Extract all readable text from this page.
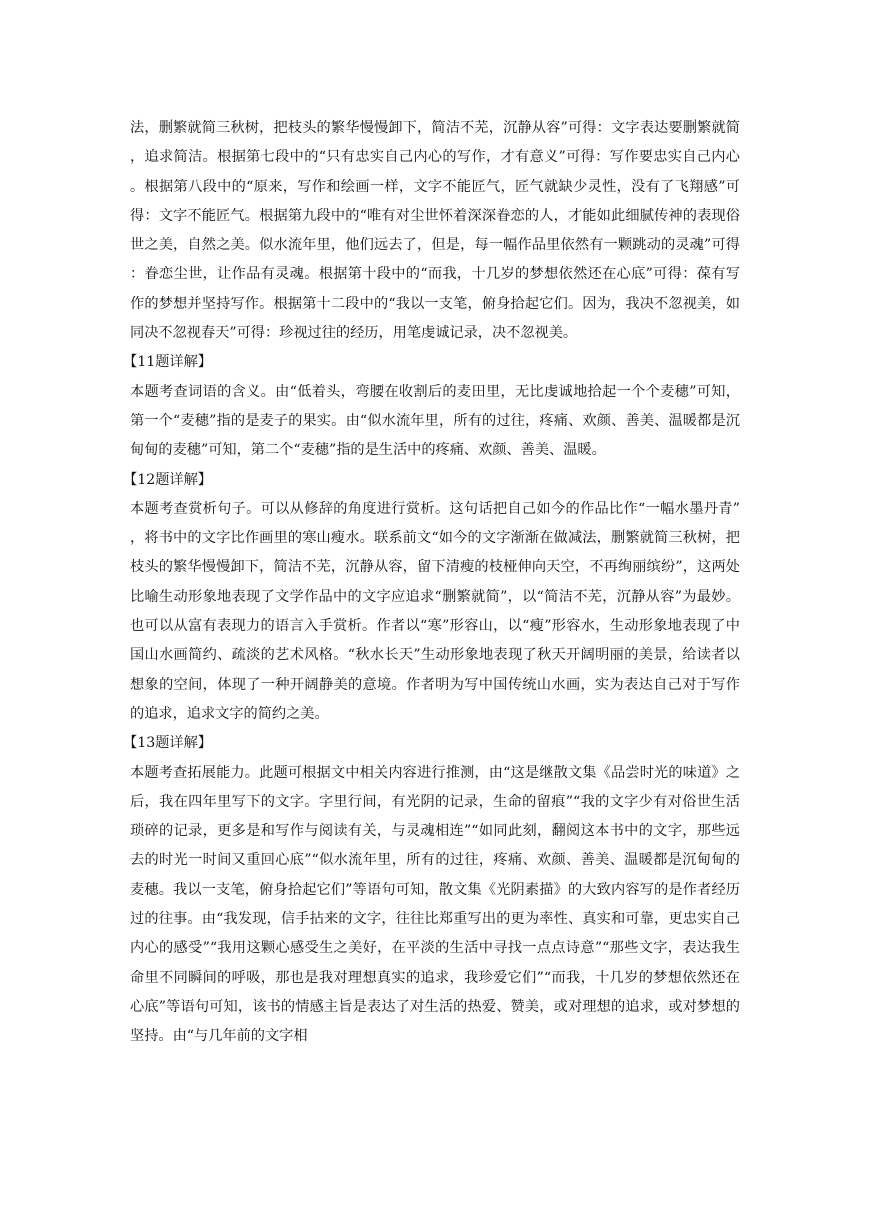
法，删繁就简三秋树，把枝头的繁华慢慢卸下，简洁不芜，沉静从容”可得：文字表达要删繁就简，追求简洁。根据第七段中的“只有忠实自己内心的写作，才有意义”可得：写作要忠实自己内心。根据第八段中的“原来，写作和绘画一样，文字不能匠气，匠气就缺少灵性，没有了飞翔感”可得：文字不能匠气。根据第九段中的“唯有对尘世怀着深深眷恋的人，才能如此细腻传神的表现俗世之美，自然之美。似水流年里，他们远去了，但是，每一幅作品里依然有一颗跳动的灵魂”可得：眷恋尘世，让作品有灵魂。根据第十段中的“而我，十几岁的梦想依然还在心底”可得：葆有写作的梦想并坚持写作。根据第十二段中的“我以一支笔，俯身拾起它们。因为，我决不忽视美，如同决不忽视春天”可得：珍视过往的经历，用笔虔诚记录，决不忽视美。

【11题详解】

本题考查词语的含义。由“低着头，弯腰在收割后的麦田里，无比虔诚地拾起一个个麦穗”可知，第一个“麦穗”指的是麦子的果实。由“似水流年里，所有的过往，疼痛、欢颜、善美、温暖都是沉甸甸的麦穗”可知，第二个“麦穗”指的是生活中的疼痛、欢颜、善美、温暖。

【12题详解】

本题考查赏析句子。可以从修辞的角度进行赏析。这句话把自己如今的作品比作“一幅水墨丹青”，将书中的文字比作画里的寒山瘦水。联系前文“如今的文字渐渐在做减法，删繁就简三秋树，把枝头的繁华慢慢卸下，简洁不芜，沉静从容，留下清瘦的枝桠伸向天空，不再绚丽缤纷”，这两处比喻生动形象地表现了文学作品中的文字应追求“删繁就简”，以“简洁不芜，沉静从容”为最妙。也可以从富有表现力的语言入手赏析。作者以“寒”形容山，以“瘦”形容水，生动形象地表现了中国山水画简约、疏淡的艺术风格。“秋水长天”生动形象地表现了秋天开阔明丽的美景，给读者以想象的空间，体现了一种开阔静美的意境。作者明为写中国传统山水画，实为表达自己对于写作的追求，追求文字的简约之美。

【13题详解】

本题考查拓展能力。此题可根据文中相关内容进行推测，由“这是继散文集《品尝时光的味道》之后，我在四年里写下的文字。字里行间，有光阴的记录，生命的留痕”“我的文字少有对俗世生活琐碎的记录，更多是和写作与阅读有关，与灵魂相连”“如同此刻，翻阅这本书中的文字，那些远去的时光一时间又重回心底”“似水流年里，所有的过往，疼痛、欢颜、善美、温暖都是沉甸甸的麦穗。我以一支笔，俯身拾起它们”等语句可知，散文集《光阴素描》的大致内容写的是作者经历过的往事。由“我发现，信手拈来的文字，往往比郑重写出的更为率性、真实和可靠，更忠实自己内心的感受”“我用这颗心感受生之美好，在平淡的生活中寻找一点点诗意”“那些文字，表达我生命里不同瞬间的呼吸，那也是我对理想真实的追求，我珍爱它们”“而我，十几岁的梦想依然还在心底”等语句可知，该书的情感主旨是表达了对生活的热爱、赞美，或对理想的追求，或对梦想的坚持。由“与几年前的文字相
